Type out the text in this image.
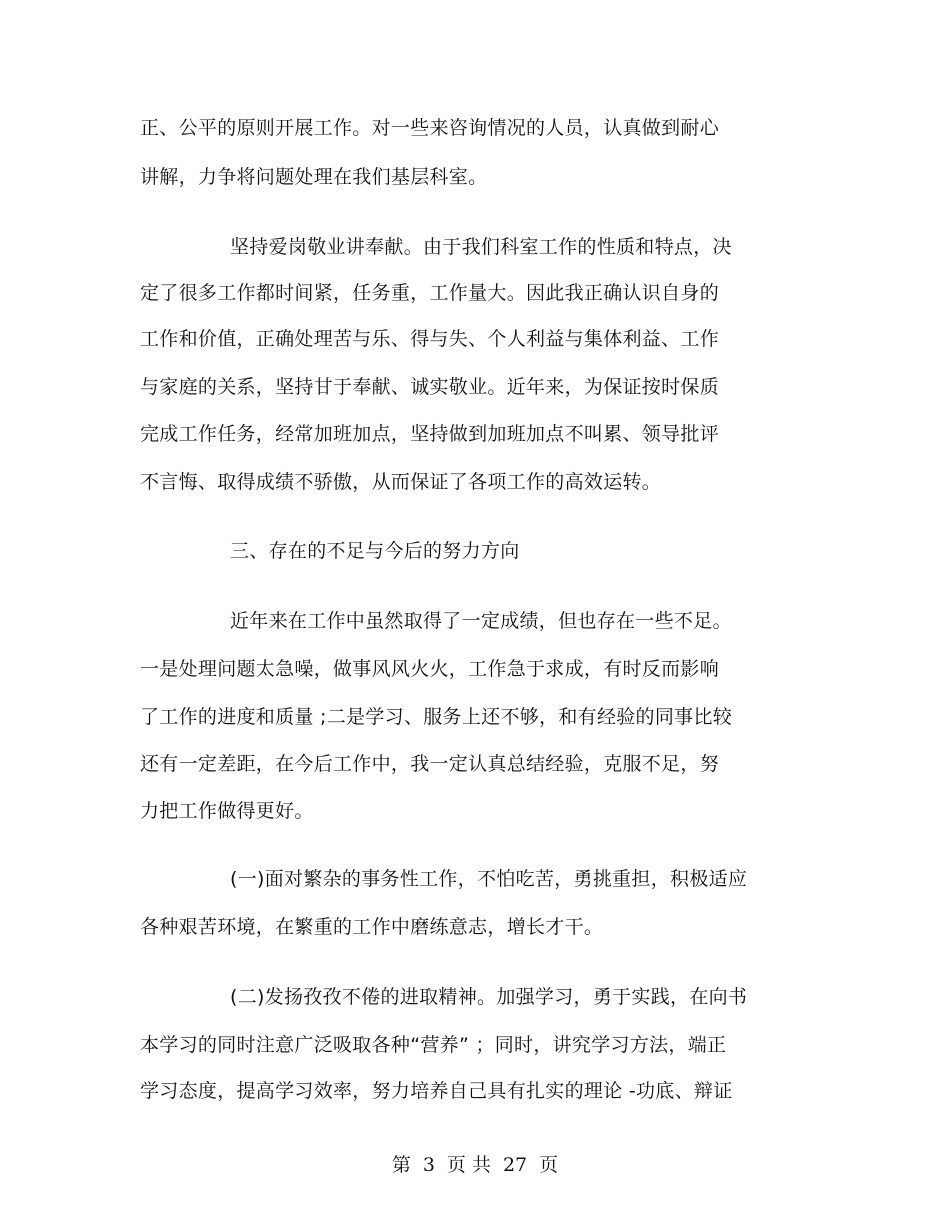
正、公平的原则开展工作。对一些来咨询情况的人员，认真做到耐心
讲解，力争将问题处理在我们基层科室。
坚持爱岗敬业讲奉献。由于我们科室工作的性质和特点，决
定了很多工作都时间紧，任务重，工作量大。因此我正确认识自身的
工作和价值，正确处理苦与乐、得与失、个人利益与集体利益、工作
与家庭的关系，坚持甘于奉献、诚实敬业。近年来，为保证按时保质
完成工作任务，经常加班加点，坚持做到加班加点不叫累、领导批评
不言悔、取得成绩不骄傲，从而保证了各项工作的高效运转。
三、存在的不足与今后的努力方向
近年来在工作中虽然取得了一定成绩，但也存在一些不足。
一是处理问题太急噪，做事风风火火，工作急于求成，有时反而影响
了工作的进度和质量 ;二是学习、服务上还不够，和有经验的同事比较
还有一定差距，在今后工作中，我一定认真总结经验，克服不足，努
力把工作做得更好。
(一)面对繁杂的事务性工作，不怕吃苦，勇挑重担，积极适应
各种艰苦环境，在繁重的工作中磨练意志，增长才干。
(二)发扬孜孜不倦的进取精神。加强学习，勇于实践，在向书
本学习的同时注意广泛吸取各种“营养” ；同时，讲究学习方法，端正
学习态度，提高学习效率，努力培养自己具有扎实的理论 -功底、辩证
第 3 页 共 27 页
